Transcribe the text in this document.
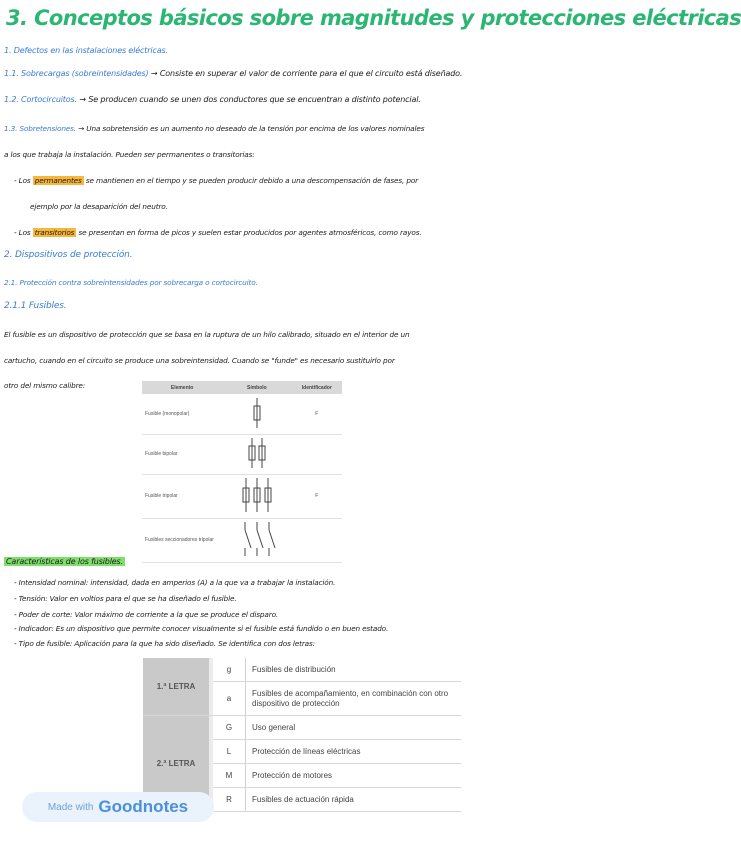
3. Conceptos básicos sobre magnitudes y protecciones eléctricas
1. Defectos en las instalaciones eléctricas.
1.1. Sobrecargas (sobreintensidades) → Consiste en superar el valor de corriente para el que el circuito está diseñado.
1.2. Cortocircuitos. → Se producen cuando se unen dos conductores que se encuentran a distinto potencial.
1.3. Sobretensiones. → Una sobretensión es un aumento no deseado de la tensión por encima de los valores nominales
a los que trabaja la instalación. Pueden ser permanentes o transitorias:
- Los permanentes se mantienen en el tiempo y se pueden producir debido a una descompensación de fases, por
ejemplo por la desaparición del neutro.
- Los transitorios se presentan en forma de picos y suelen estar producidos por agentes atmosféricos, como rayos.
2. Dispositivos de protección.
2.1. Protección contra sobreintensidades por sobrecarga o cortocircuito.
2.1.1 Fusibles.
El fusible es un dispositivo de protección que se basa en la ruptura de un hilo calibrado, situado en el interior de un
cartucho, cuando en el circuito se produce una sobreintensidad. Cuando se "funde" es necesario sustituirlo por
otro del mismo calibre:	Elemento	Símbolo	Identificador
Fusible (monopolar)		F
Fusible bipolar		
Fusible tripolar		F
Fusibles seccionadores tripolar		
Características de los fusibles.
- Intensidad nominal: intensidad, dada en amperios (A) a la que va a trabajar la instalación.
- Tensión: Valor en voltios para el que se ha diseñado el fusible.
- Poder de corte: Valor máximo de corriente a la que se produce el disparo.
- Indicador: Es un dispositivo que permite conocer visualmente si el fusible está fundido o en buen estado.
- Tipo de fusible: Aplicación para la que ha sido diseñado. Se identifica con dos letras:
1.ª LETRA		g	Fusibles de distribución
		a	Fusibles de acompañamiento, en combinación con otro dispositivo de protección
2.ª LETRA		G	Uso general
		L	Protección de líneas eléctricas
		M	Protección de motores
		R	Fusibles de actuación rápida
Made with Goodnotes
